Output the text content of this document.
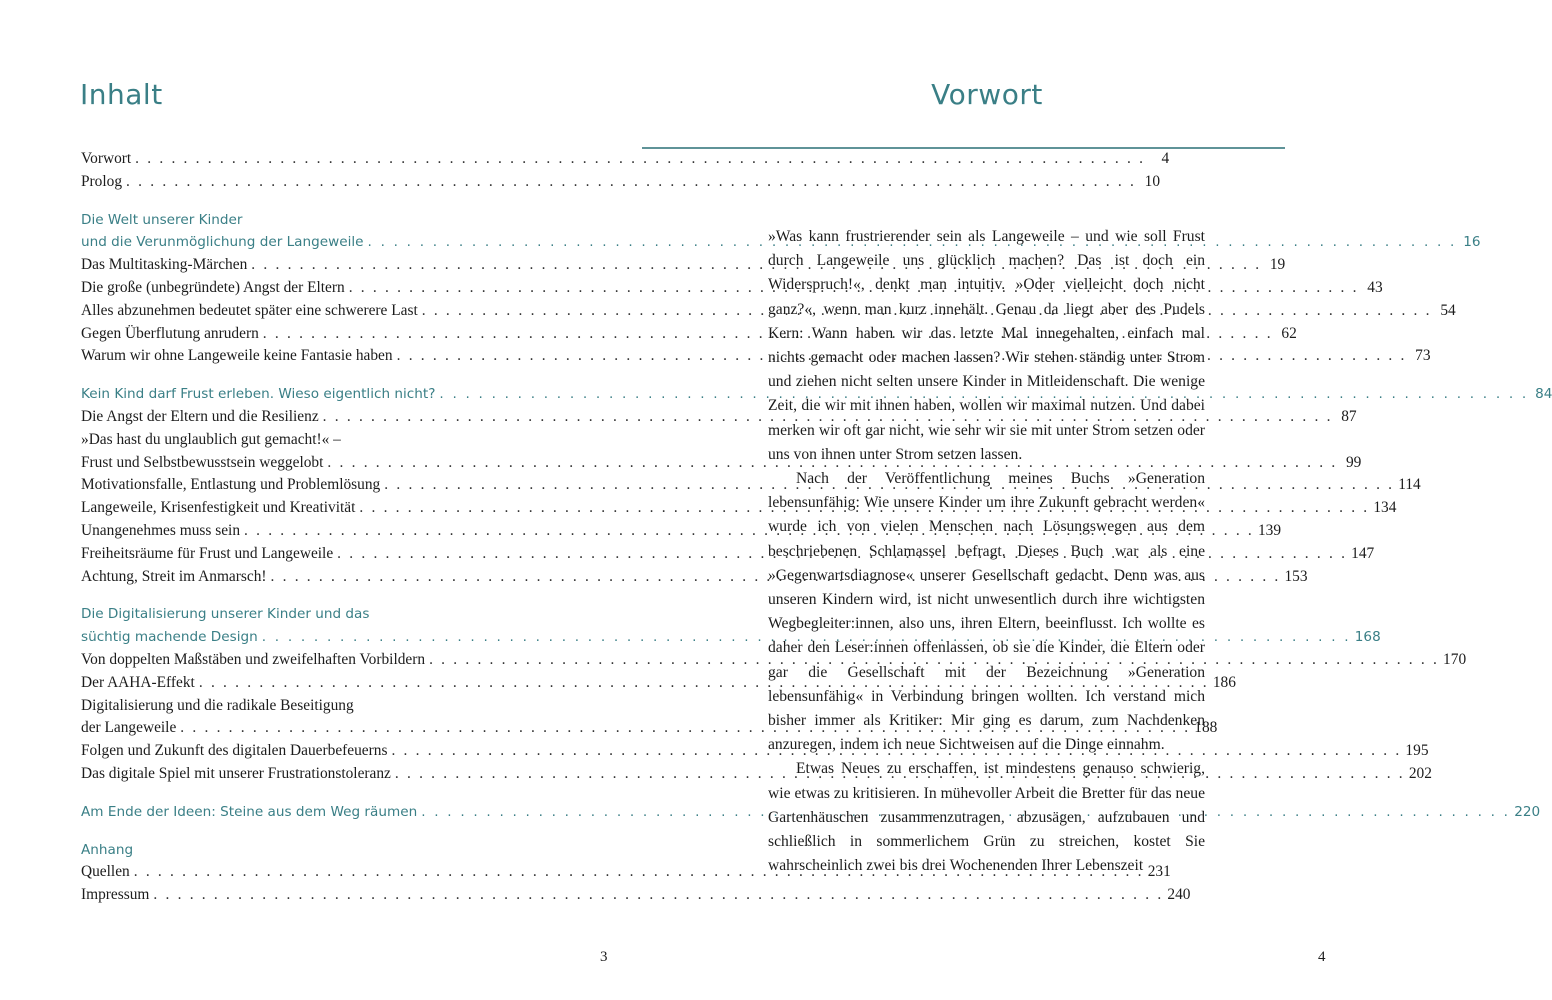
Inhalt
Vorwort . . .	4
Prolog . . .	10
Die Welt unserer Kinder
und die Verunmöglichung der Langeweile . . .	16
Das Multitasking-Märchen . . .	19
Die große (unbegründete) Angst der Eltern . . .	43
Alles abzunehmen bedeutet später eine schwerere Last . . .	54
Gegen Überflutung anrudern . . .	62
Warum wir ohne Langeweile keine Fantasie haben . . .	73
Kein Kind darf Frust erleben. Wieso eigentlich nicht? . . .	84
Die Angst der Eltern und die Resilienz . . .	87
»Das hast du unglaublich gut gemacht!« –
Frust und Selbstbewusstsein weggelobt . . .	99
Motivationsfalle, Entlastung und Problemlösung . . .	114
Langeweile, Krisenfestigkeit und Kreativität . . .	134
Unangenehmes muss sein . . .	139
Freiheitsräume für Frust und Langeweile . . .	147
Achtung, Streit im Anmarsch! . . .	153
Die Digitalisierung unserer Kinder und das
süchtig machende Design . . .	168
Von doppelten Maßstäben und zweifelhaften Vorbildern . . .	170
Der AAHA-Effekt . . .	186
Digitalisierung und die radikale Beseitigung
der Langeweile . . .	188
Folgen und Zukunft des digitalen Dauerbefeuerns . . .	195
Das digitale Spiel mit unserer Frustrationstoleranz . . .	202
Am Ende der Ideen: Steine aus dem Weg räumen . . .	220
Anhang
Quellen . . .	231
Impressum . . .	240
3
Vorwort

»Was kann frustrierender sein als Langeweile – und wie soll Frust durch Langeweile uns glücklich machen? Das ist doch ein Widerspruch!«, denkt man intuitiv. »Oder vielleicht doch nicht ganz?«, wenn man kurz innehält. Genau da liegt aber des Pudels Kern: Wann haben wir das letzte Mal innegehalten, einfach mal nichts gemacht oder machen lassen? Wir stehen ständig unter Strom und ziehen nicht selten unsere Kinder in Mitleidenschaft. Die wenige Zeit, die wir mit ihnen haben, wollen wir maximal nutzen. Und dabei merken wir oft gar nicht, wie sehr wir sie mit unter Strom setzen oder uns von ihnen unter Strom setzen lassen.

Nach der Veröffentlichung meines Buchs »Generation lebensunfähig: Wie unsere Kinder um ihre Zukunft gebracht werden« wurde ich von vielen Menschen nach Lösungswegen aus dem beschriebenen Schlamassel befragt. Dieses Buch war als eine »Gegenwartsdiagnose« unserer Gesellschaft gedacht. Denn was aus unseren Kindern wird, ist nicht unwesentlich durch ihre wichtigsten Wegbegleiter:innen, also uns, ihren Eltern, beeinflusst. Ich wollte es daher den Leser:innen offenlassen, ob sie die Kinder, die Eltern oder gar die Gesellschaft mit der Bezeichnung »Generation lebensunfähig« in Verbindung bringen wollten. Ich verstand mich bisher immer als Kritiker: Mir ging es darum, zum Nachdenken anzuregen, indem ich neue Sichtweisen auf die Dinge einnahm.

Etwas Neues zu erschaffen, ist mindestens genauso schwierig, wie etwas zu kritisieren. In mühevoller Arbeit die Bretter für das neue Gartenhäuschen zusammenzutragen, abzusägen, aufzubauen und schließlich in sommerlichem Grün zu streichen, kostet Sie wahrscheinlich zwei bis drei Wochenenden Ihrer Lebenszeit

4
